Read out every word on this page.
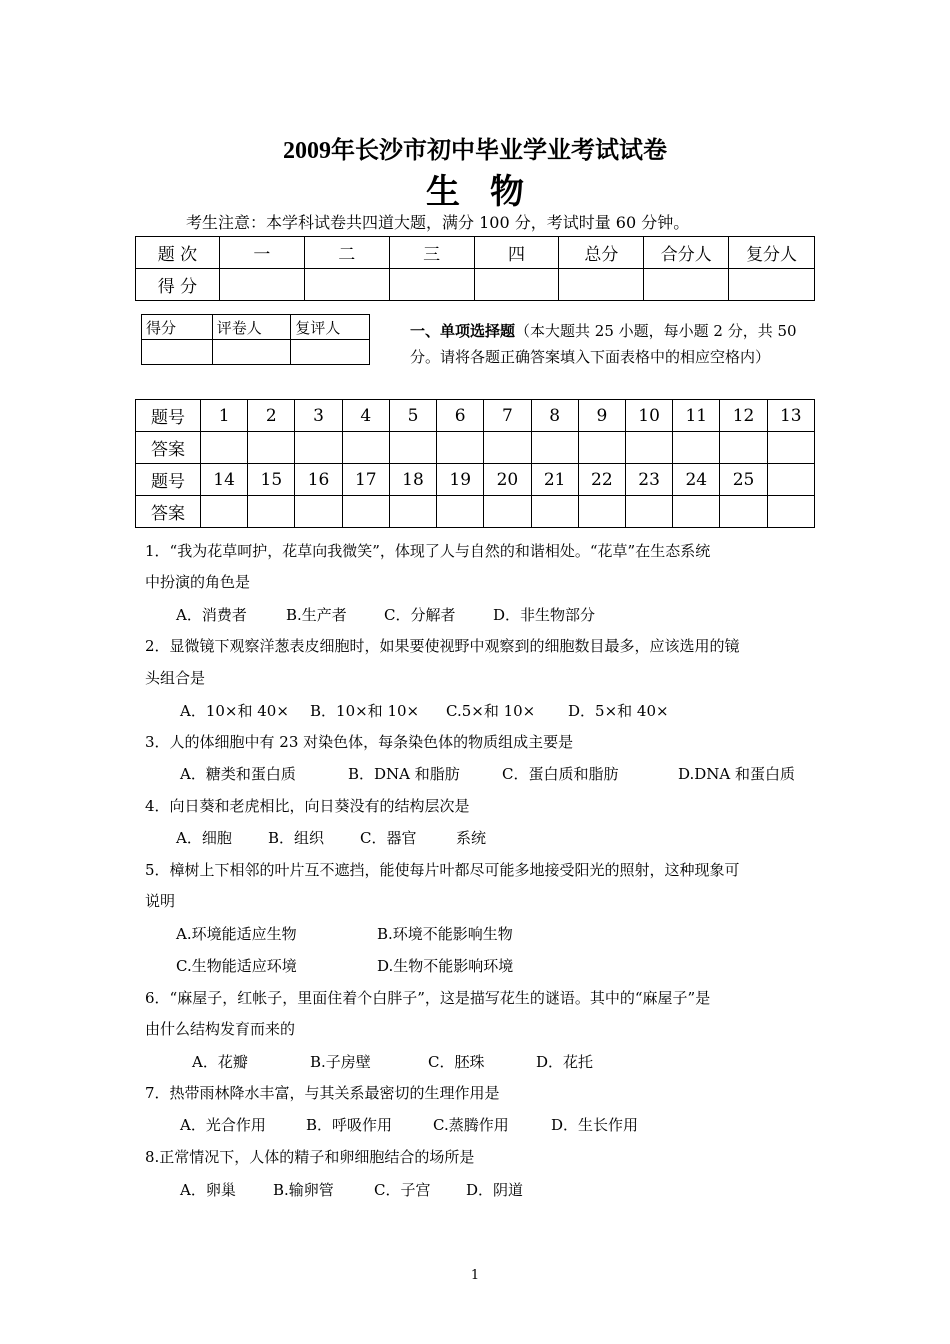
2009年长沙市初中毕业学业考试试卷
生物
考生注意：本学科试卷共四道大题，满分 100 分，考试时量 60 分钟。
题 次	一	二	三	四	总分	合分人	复分人
得 分							
得分	评卷人	复评人
			一、单项选择题（本大题共 25 小题，每小题 2 分，共 50
分。请将各题正确答案填入下面表格中的相应空格内）
题号	1	2	3	4	5	6	7	8	9	10	11	12	13
答案													
题号	14	15	16	17	18	19	20	21	22	23	24	25	
答案													
1．“我为花草呵护，花草向我微笑”，体现了人与自然的和谐相处。“花草”在生态系统
中扮演的角色是
A．消费者	B.生产者 C．分解者	D．非生物部分
2．显微镜下观察洋葱表皮细胞时，如果要使视野中观察到的细胞数目最多，应该选用的镜
头组合是
A．10×和 40× B．10×和 10× C.5×和 10× D．5×和 40×
3．人的体细胞中有 23 对染色体，每条染色体的物质组成主要是
A．糖类和蛋白质	B．DNA 和脂肪	C．蛋白质和脂肪	D.DNA 和蛋白质
4．向日葵和老虎相比，向日葵没有的结构层次是
A．细胞 B．组织 C．器官	系统
5．樟树上下相邻的叶片互不遮挡，能使每片叶都尽可能多地接受阳光的照射，这种现象可
说明
A.环境能适应生物	B.环境不能影响生物
C.生物能适应环境	D.生物不能影响环境
6．“麻屋子，红帐子，里面住着个白胖子”，这是描写花生的谜语。其中的“麻屋子”是
由什么结构发育而来的
A．花瓣	B.子房壁	C．胚珠	D．花托
7．热带雨林降水丰富，与其关系最密切的生理作用是
A．光合作用	B．呼吸作用	C.蒸腾作用	D．生长作用
8.正常情况下，人体的精子和卵细胞结合的场所是
A．卵巢 B.输卵管	C．子宫 D．阴道
1
